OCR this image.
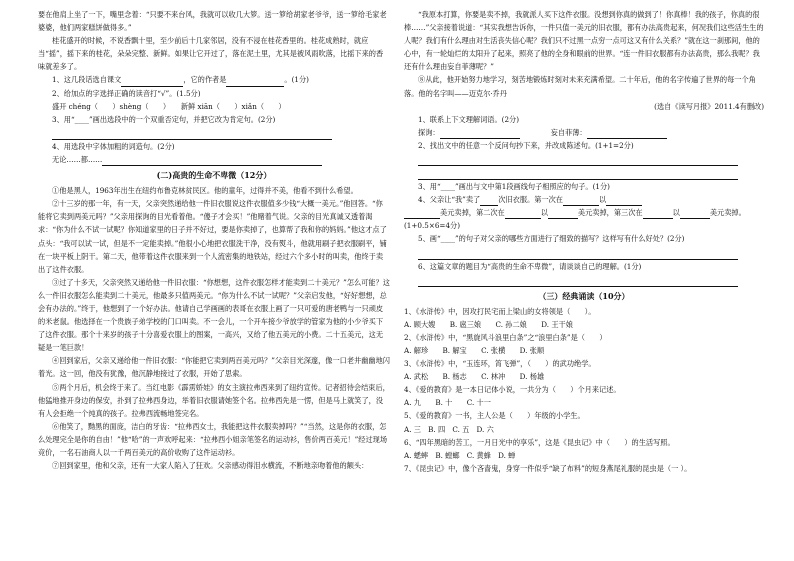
要在他肩上坐了一下，嘴里念着：“只要不来台风，我就可以收几大箩。送一箩给胡家老爷爷，送一箩给毛家老婆婆，他们两家糕饼做得多。”

桂花盛开的时候，不说香飘十里，至少前后十几家邻居，没有不浸在桂花香里的。桂花成熟时，就应当“摇”，摇下来的桂花，朵朵完整、新鲜。如果让它开过了，落在泥土里，尤其是被风雨吹落，比摇下来的香味就差多了。

1、这几段话选自课文	，它的作者是	。(1分)

2、给加点的字选择正确的读音打“√”。(1.5分)

盛开 chéng（　　）shèng（　　）　　新鲜 xiān（　　）xiǎn（　　）

3、用“____”画出选段中的一个双重否定句，并把它改为肯定句。(2分)

4、用选段中字体加粗的词造句。(2分)

无论……都……

(二)高贵的生命不卑微（12分）

①他是黑人，1963年出生在纽约布鲁克林贫民区。他的童年，过得并不美，他看不到什么希望。

②十三岁的那一年，有一天，父亲突然递给他一件旧衣服说这件衣服值多少钱“大概一美元。”他回答。“你能将它卖到两美元吗？”父亲用探询的目光看着他。“傻子才会买！”他赌着气说。父亲的目光真诚又透着渴求：“你为什么不试一试呢？你知道家里的日子并不好过，要是你卖掉了，也算帮了我和你的妈妈。”他这才点了点头：“我可以试一试，但是不一定能卖掉。”他很小心地把衣服洗干净，没有熨斗，他就用刷子把衣服刷平，铺在一块平板上阴干。第二天，他带着这件衣服来到一个人流密集的地铁站，经过六个多小时的叫卖，他终于卖出了这件衣服。

③过了十多天，父亲突然又递给他一件旧衣服：“你想想，这件衣服怎样才能卖到二十美元？”怎么可能？这么一件旧衣服怎么能卖到二十美元，他最多只值两美元。“你为什么不试一试呢？”父亲启发他，“好好想想，总会有办法的。”终于，他想到了一个好办法。他请自己学画画的表哥在衣服上画了一只可爱的唐老鸭与一只顽皮的米老鼠。他选择在一个贵族子弟学校的门口叫卖。不一会儿，一个开车接少爷放学的管家为他的小少爷买下了这件衣服。那个十来岁的孩子十分喜爱衣服上的图案，一高兴，又给了他五美元的小费。二十五美元，这无疑是一笔巨款！

④回到家后，父亲又递给他一件旧衣服：“你能把它卖到两百美元吗？”父亲目光深邃，像一口老井幽幽地闪着光。这一回，他没有犹豫，他沉静地接过了衣服，开始了思索。

⑤两个月后，机会终于来了。当红电影《霹雳娇娃》的女主演拉弗西来到了纽约宣传。记者招待会结束后，他猛地推开身边的保安，扑到了拉弗西身边，举着旧衣服请她签个名。拉弗西先是一愣，但是马上就笑了，没有人会拒绝一个纯真的孩子。拉弗西流畅地签完名。

⑥他笑了，黝黑的面庞，洁白的牙齿：“拉弗西女士，我能把这件衣服卖掉吗？”“当然，这是你的衣服，怎么处理完全是你的自由！”他“哈”的一声欢呼起来：“拉弗西小姐亲笔签名的运动衫，售价两百美元！”经过现场竞价，一名石油商人以一千两百美元的高价收购了这件运动衫。

⑦回到家里，他和父亲，还有一大家人陷入了狂欢。父亲感动得泪水横流，不断地亲吻着他的额头：

“我原本打算，你要是卖不掉，我就派人买下这件衣服。没想到你真的做到了！你真棒！我的孩子，你真的很棒……”父亲接着说道：“其实我想告诉你，一件只值一美元的旧衣服，都有办法高贵起来，何况我们这些活生生的人呢？我们有什么理由对生活丧失信心呢？我们只不过黑一点穷一点可这又有什么关系？”就在这一刹那间，他的心中，有一轮灿烂的太阳升了起来，照亮了他的全身和眼前的世界。“连一件旧衣服都有办法高贵，那么我呢？我还有什么理由妄自菲薄呢？”

⑧从此，他开始努力地学习，刻苦地锻炼时刻对未来充满希望。二十年后，他的名字传遍了世界的每一个角落。他的名字叫——迈克尔·乔丹

(选自《读写月报》2011.4有删改)

1、联系上下文理解词语。(2分)

探询： 　　　　	妄自菲薄：

2、找出文中的任意一个反问句抄下来，并改成陈述句。(1+1=2分)

3、用“____”画出与文中第1段画线句子相照应的句子。(1分)

4、父亲让“我”卖了	次旧衣服。第一次在	以
美元卖掉，第二次在	以	美元卖掉，第三次在	以	美元卖掉。(1+0.5×6=4分)

5、画“____”的句子对父亲的哪些方面进行了细致的描写？这样写有什么好处？(2分)

6、这篇文章的题目为“高贵的生命不卑微”，请谈谈自己的理解。(1分)

（三）经典诵读（10分）

1、《水浒传》中，因攻打民宅而上梁山的女将领是（　　）。

A. 顾大嫂　　B. 扈三娘　　C. 孙二娘　　D. 王干娘

2、《水浒传》中，“黑旋风斗浪里白条”之“浪里白条”是（　　）

A. 解珍　　B. 解宝　　C. 张横　　D. 张顺

3、《水浒传》中，“玉连环，筲飞弹”，（　　）的武功绝学。

A. 武松　　B. 杨志　　C. 林冲　　D. 杨雄

4、《爱的教育》是一本日记体小说，一共分为（　　）个月来记述。

A. 九　　B. 十　　C. 十一

5、《爱的教育》一书，主人公是（　　）年级的小学生。

A. 三　B. 四　C. 五　D. 六

6、“四年黑暗的苦工，一月日光中的享乐”，这是《昆虫记》中（　　）的生活写照。

A. 蟋蟀　B. 螳螂　C. 黄蜂　D. 蝉

7、《昆虫记》中，像个吝啬鬼，身穿一件似乎“缺了布料”的短身燕尾礼服的昆虫是（一 ）。
